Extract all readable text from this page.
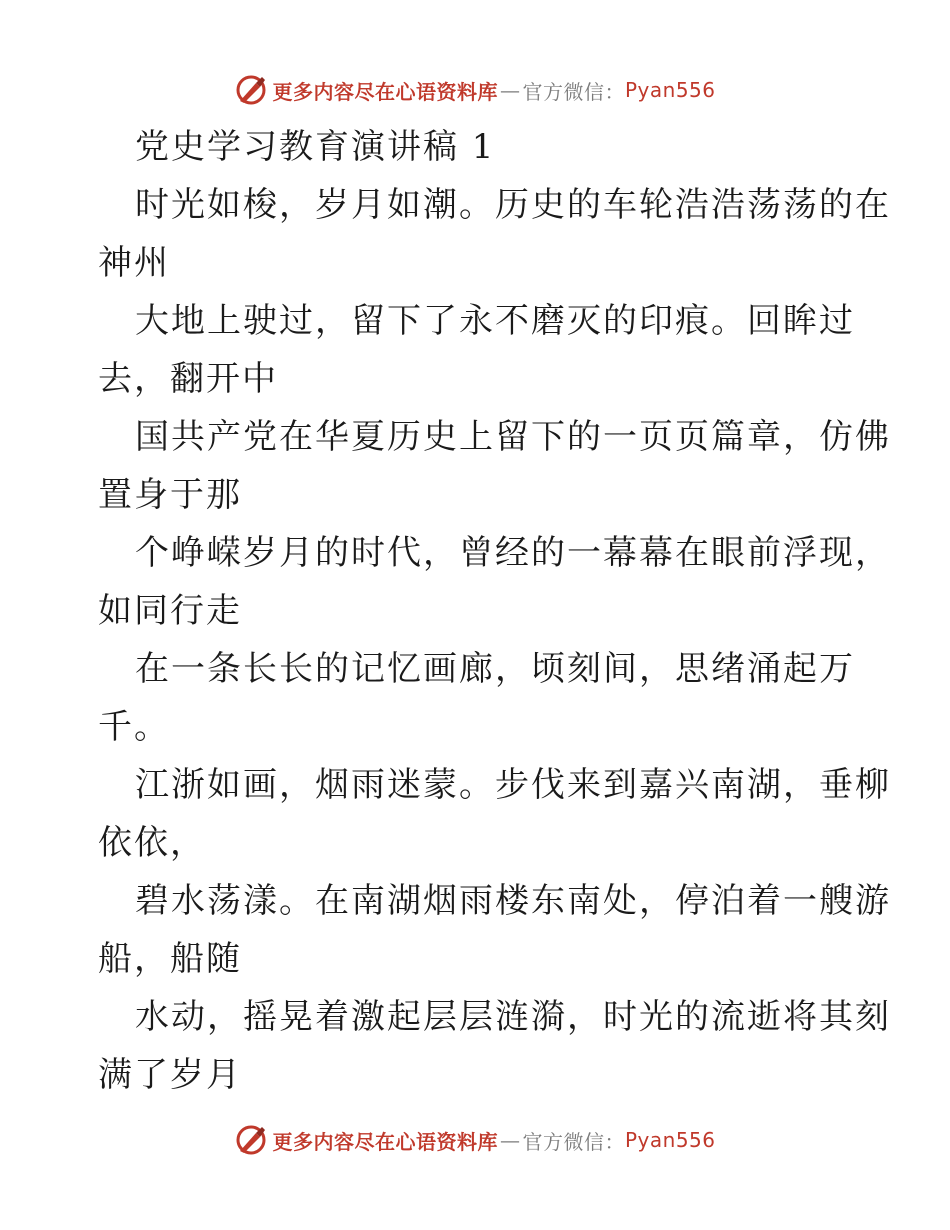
更多内容尽在心语资料库 — 官方微信： Pyan556
党史学习教育演讲稿 1
时光如梭，岁月如潮。历史的车轮浩浩荡荡的在
神州
大地上驶过，留下了永不磨灭的印痕。回眸过
去，翻开中
国共产党在华夏历史上留下的一页页篇章，仿佛
置身于那
个峥嵘岁月的时代，曾经的一幕幕在眼前浮现，
如同行走
在一条长长的记忆画廊，顷刻间，思绪涌起万
千。
江浙如画，烟雨迷蒙。步伐来到嘉兴南湖，垂柳
依依，
碧水荡漾。在南湖烟雨楼东南处，停泊着一艘游
船，船随
水动，摇晃着激起层层涟漪，时光的流逝将其刻
满了岁月
更多内容尽在心语资料库 — 官方微信： Pyan556
